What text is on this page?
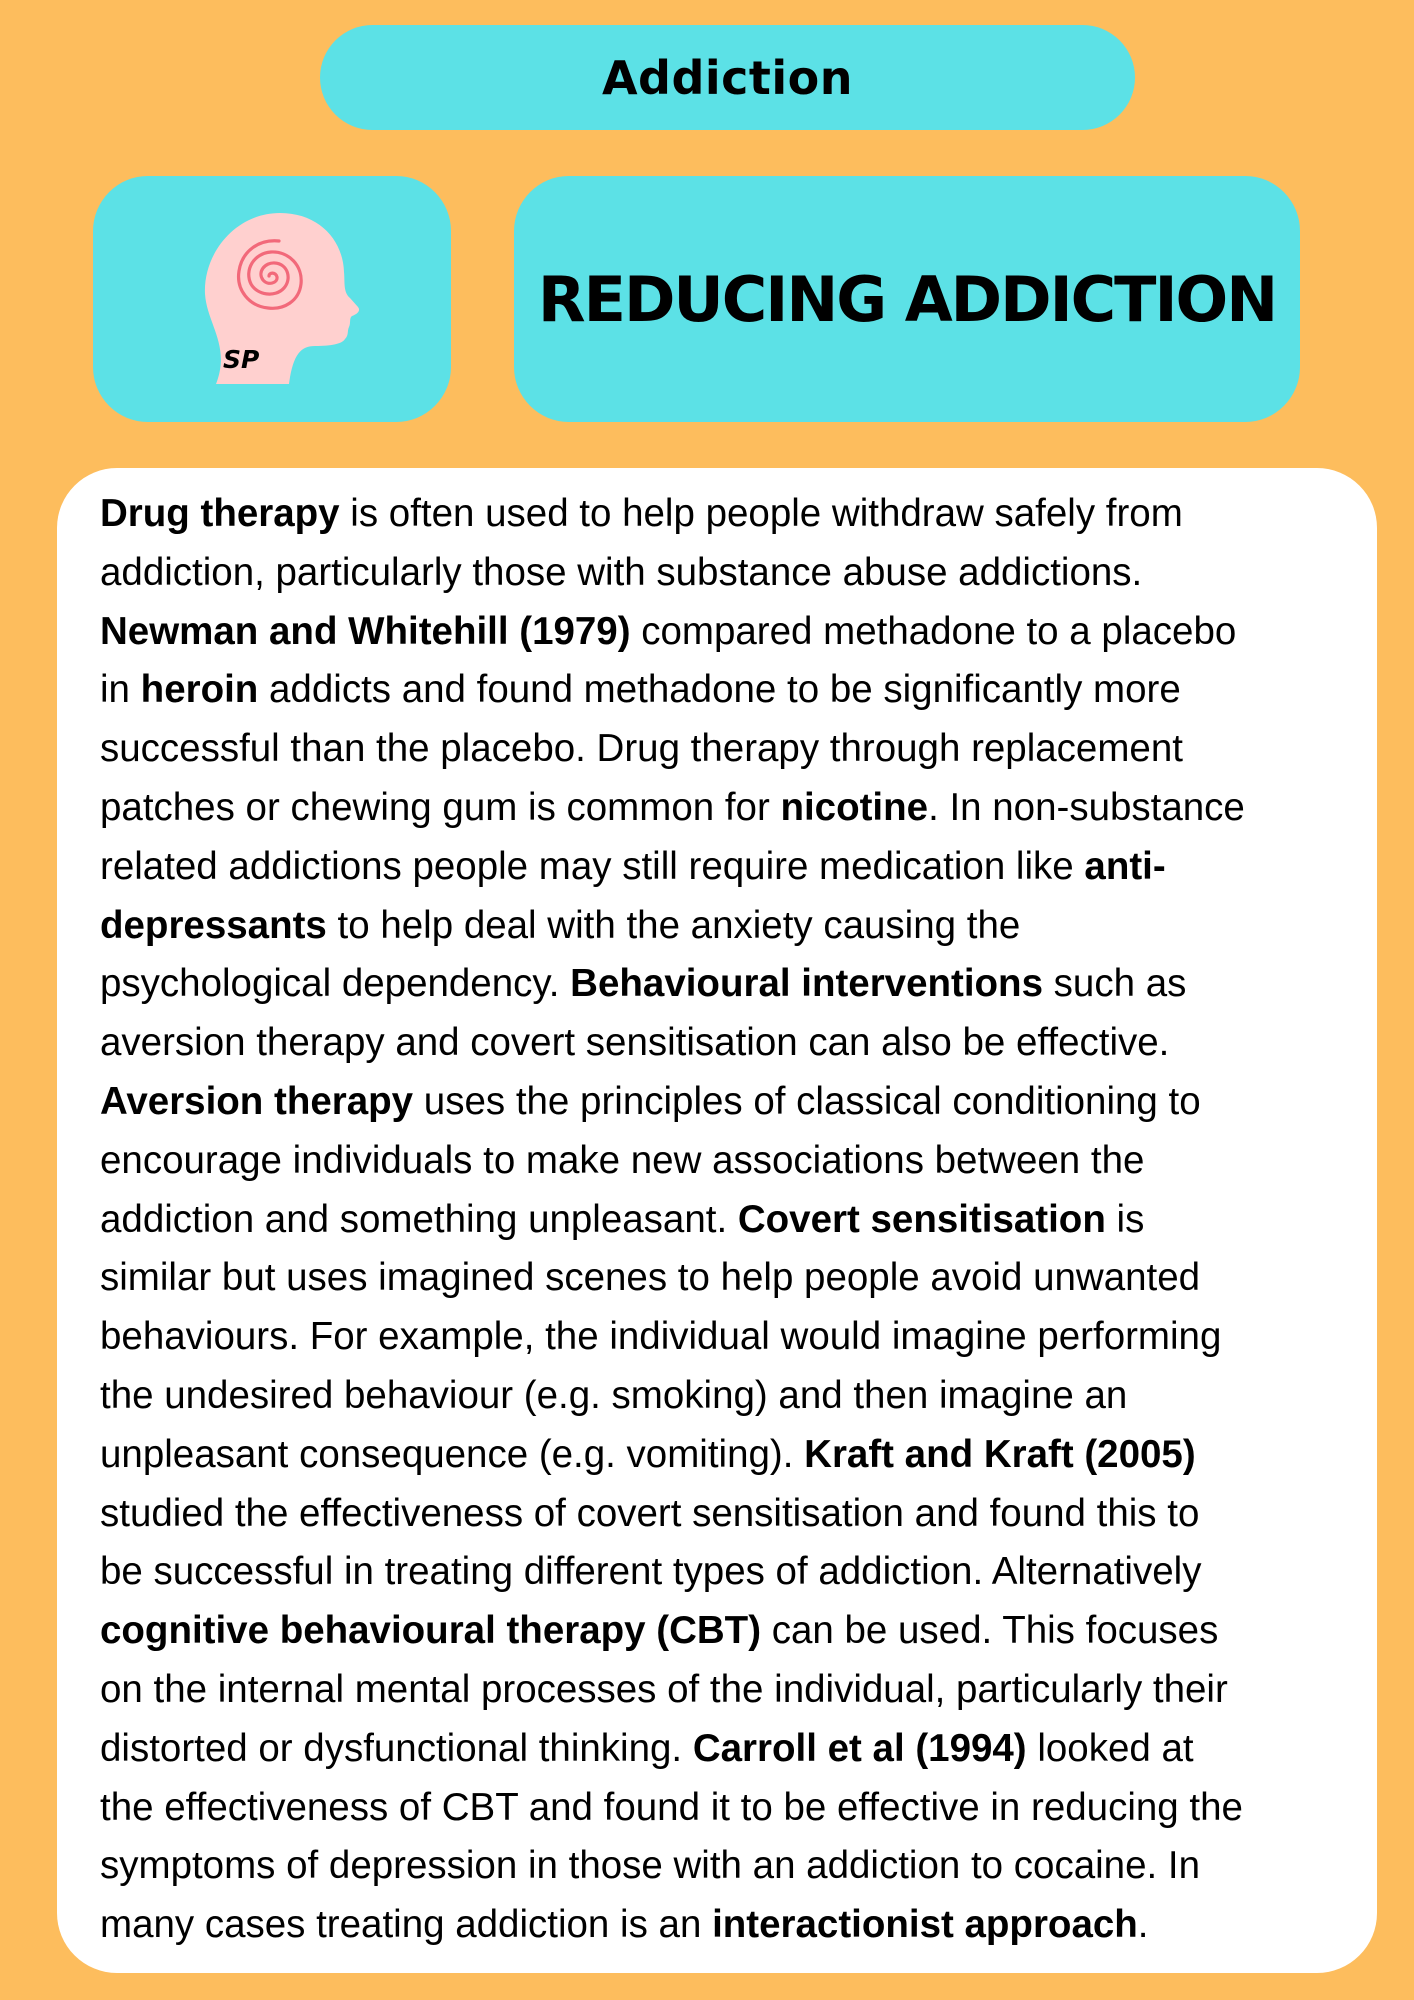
Addiction
SP
REDUCING ADDICTION

Drug therapy is often used to help people withdraw safely from
addiction, particularly those with substance abuse addictions.
Newman and Whitehill (1979) compared methadone to a placebo
in heroin addicts and found methadone to be significantly more
successful than the placebo. Drug therapy through replacement
patches or chewing gum is common for nicotine. In non-substance
related addictions people may still require medication like anti-
depressants to help deal with the anxiety causing the
psychological dependency. Behavioural interventions such as
aversion therapy and covert sensitisation can also be effective.
Aversion therapy uses the principles of classical conditioning to
encourage individuals to make new associations between the
addiction and something unpleasant. Covert sensitisation is
similar but uses imagined scenes to help people avoid unwanted
behaviours. For example, the individual would imagine performing
the undesired behaviour (e.g. smoking) and then imagine an
unpleasant consequence (e.g. vomiting). Kraft and Kraft (2005)
studied the effectiveness of covert sensitisation and found this to
be successful in treating different types of addiction. Alternatively
cognitive behavioural therapy (CBT) can be used. This focuses
on the internal mental processes of the individual, particularly their
distorted or dysfunctional thinking. Carroll et al (1994) looked at
the effectiveness of CBT and found it to be effective in reducing the
symptoms of depression in those with an addiction to cocaine. In
many cases treating addiction is an interactionist approach.
